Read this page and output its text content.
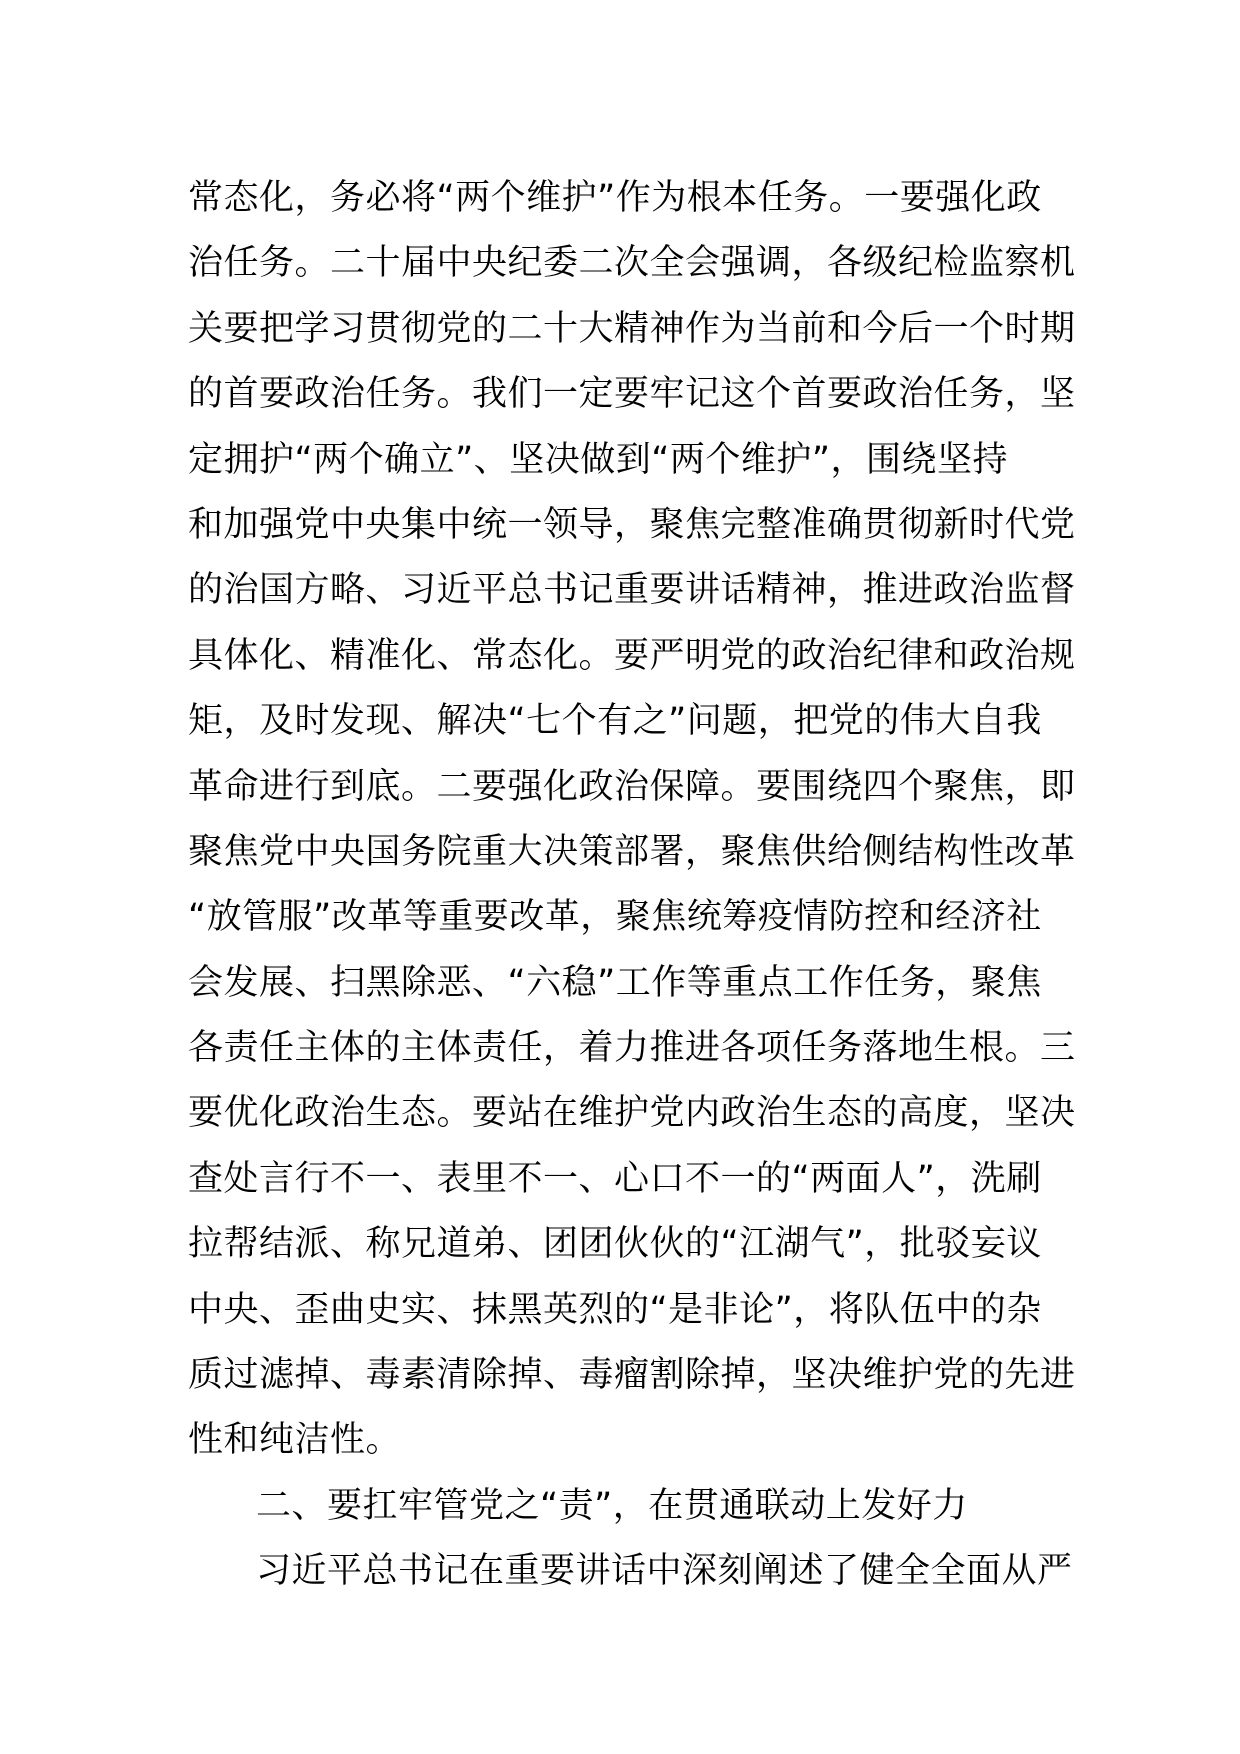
常态化，务必将“两个维护”作为根本任务。一要强化政
治任务。二十届中央纪委二次全会强调，各级纪检监察机
关要把学习贯彻党的二十大精神作为当前和今后一个时期
的首要政治任务。我们一定要牢记这个首要政治任务，坚
定拥护“两个确立”、坚决做到“两个维护”，围绕坚持
和加强党中央集中统一领导，聚焦完整准确贯彻新时代党
的治国方略、习近平总书记重要讲话精神，推进政治监督
具体化、精准化、常态化。要严明党的政治纪律和政治规
矩，及时发现、解决“七个有之”问题，把党的伟大自我
革命进行到底。二要强化政治保障。要围绕四个聚焦，即
聚焦党中央国务院重大决策部署，聚焦供给侧结构性改革
“放管服”改革等重要改革，聚焦统筹疫情防控和经济社
会发展、扫黑除恶、“六稳”工作等重点工作任务，聚焦
各责任主体的主体责任，着力推进各项任务落地生根。三
要优化政治生态。要站在维护党内政治生态的高度，坚决
查处言行不一、表里不一、心口不一的“两面人”，洗刷
拉帮结派、称兄道弟、团团伙伙的“江湖气”，批驳妄议
中央、歪曲史实、抹黑英烈的“是非论”，将队伍中的杂
质过滤掉、毒素清除掉、毒瘤割除掉，坚决维护党的先进
性和纯洁性。
二、要扛牢管党之“责”，在贯通联动上发好力
习近平总书记在重要讲话中深刻阐述了健全全面从严
